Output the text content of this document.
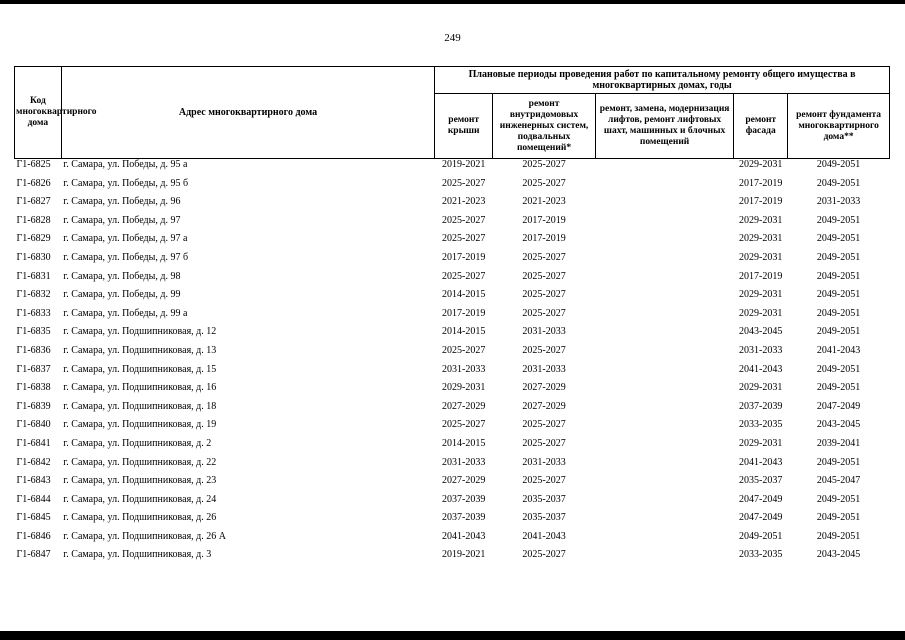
249
Код многоквартирного дома	Адрес многоквартирного дома	Плановые периоды проведения работ по капитальному ремонту общего имущества в многоквартирных домах, годы				
		ремонт крыши	ремонт внутридомовых инженерных систем, подвальных помещений*	ремонт, замена, модернизация лифтов, ремонт лифтовых шахт, машинных и блочных помещений	ремонт фасада	ремонт фундамента многоквартирного дома**
Г1-6825	г. Самара, ул. Победы, д. 95 а	2019-2021	2025-2027		2029-2031	2049-2051
Г1-6826	г. Самара, ул. Победы, д. 95 б	2025-2027	2025-2027		2017-2019	2049-2051
Г1-6827	г. Самара, ул. Победы, д. 96	2021-2023	2021-2023		2017-2019	2031-2033
Г1-6828	г. Самара, ул. Победы, д. 97	2025-2027	2017-2019		2029-2031	2049-2051
Г1-6829	г. Самара, ул. Победы, д. 97 а	2025-2027	2017-2019		2029-2031	2049-2051
Г1-6830	г. Самара, ул. Победы, д. 97 б	2017-2019	2025-2027		2029-2031	2049-2051
Г1-6831	г. Самара, ул. Победы, д. 98	2025-2027	2025-2027		2017-2019	2049-2051
Г1-6832	г. Самара, ул. Победы, д. 99	2014-2015	2025-2027		2029-2031	2049-2051
Г1-6833	г. Самара, ул. Победы, д. 99 а	2017-2019	2025-2027		2029-2031	2049-2051
Г1-6835	г. Самара, ул. Подшипниковая, д. 12	2014-2015	2031-2033		2043-2045	2049-2051
Г1-6836	г. Самара, ул. Подшипниковая, д. 13	2025-2027	2025-2027		2031-2033	2041-2043
Г1-6837	г. Самара, ул. Подшипниковая, д. 15	2031-2033	2031-2033		2041-2043	2049-2051
Г1-6838	г. Самара, ул. Подшипниковая, д. 16	2029-2031	2027-2029		2029-2031	2049-2051
Г1-6839	г. Самара, ул. Подшипниковая, д. 18	2027-2029	2027-2029		2037-2039	2047-2049
Г1-6840	г. Самара, ул. Подшипниковая, д. 19	2025-2027	2025-2027		2033-2035	2043-2045
Г1-6841	г. Самара, ул. Подшипниковая, д. 2	2014-2015	2025-2027		2029-2031	2039-2041
Г1-6842	г. Самара, ул. Подшипниковая, д. 22	2031-2033	2031-2033		2041-2043	2049-2051
Г1-6843	г. Самара, ул. Подшипниковая, д. 23	2027-2029	2025-2027		2035-2037	2045-2047
Г1-6844	г. Самара, ул. Подшипниковая, д. 24	2037-2039	2035-2037		2047-2049	2049-2051
Г1-6845	г. Самара, ул. Подшипниковая, д. 26	2037-2039	2035-2037		2047-2049	2049-2051
Г1-6846	г. Самара, ул. Подшипниковая, д. 26 А	2041-2043	2041-2043		2049-2051	2049-2051
Г1-6847	г. Самара, ул. Подшипниковая, д. 3	2019-2021	2025-2027		2033-2035	2043-2045
